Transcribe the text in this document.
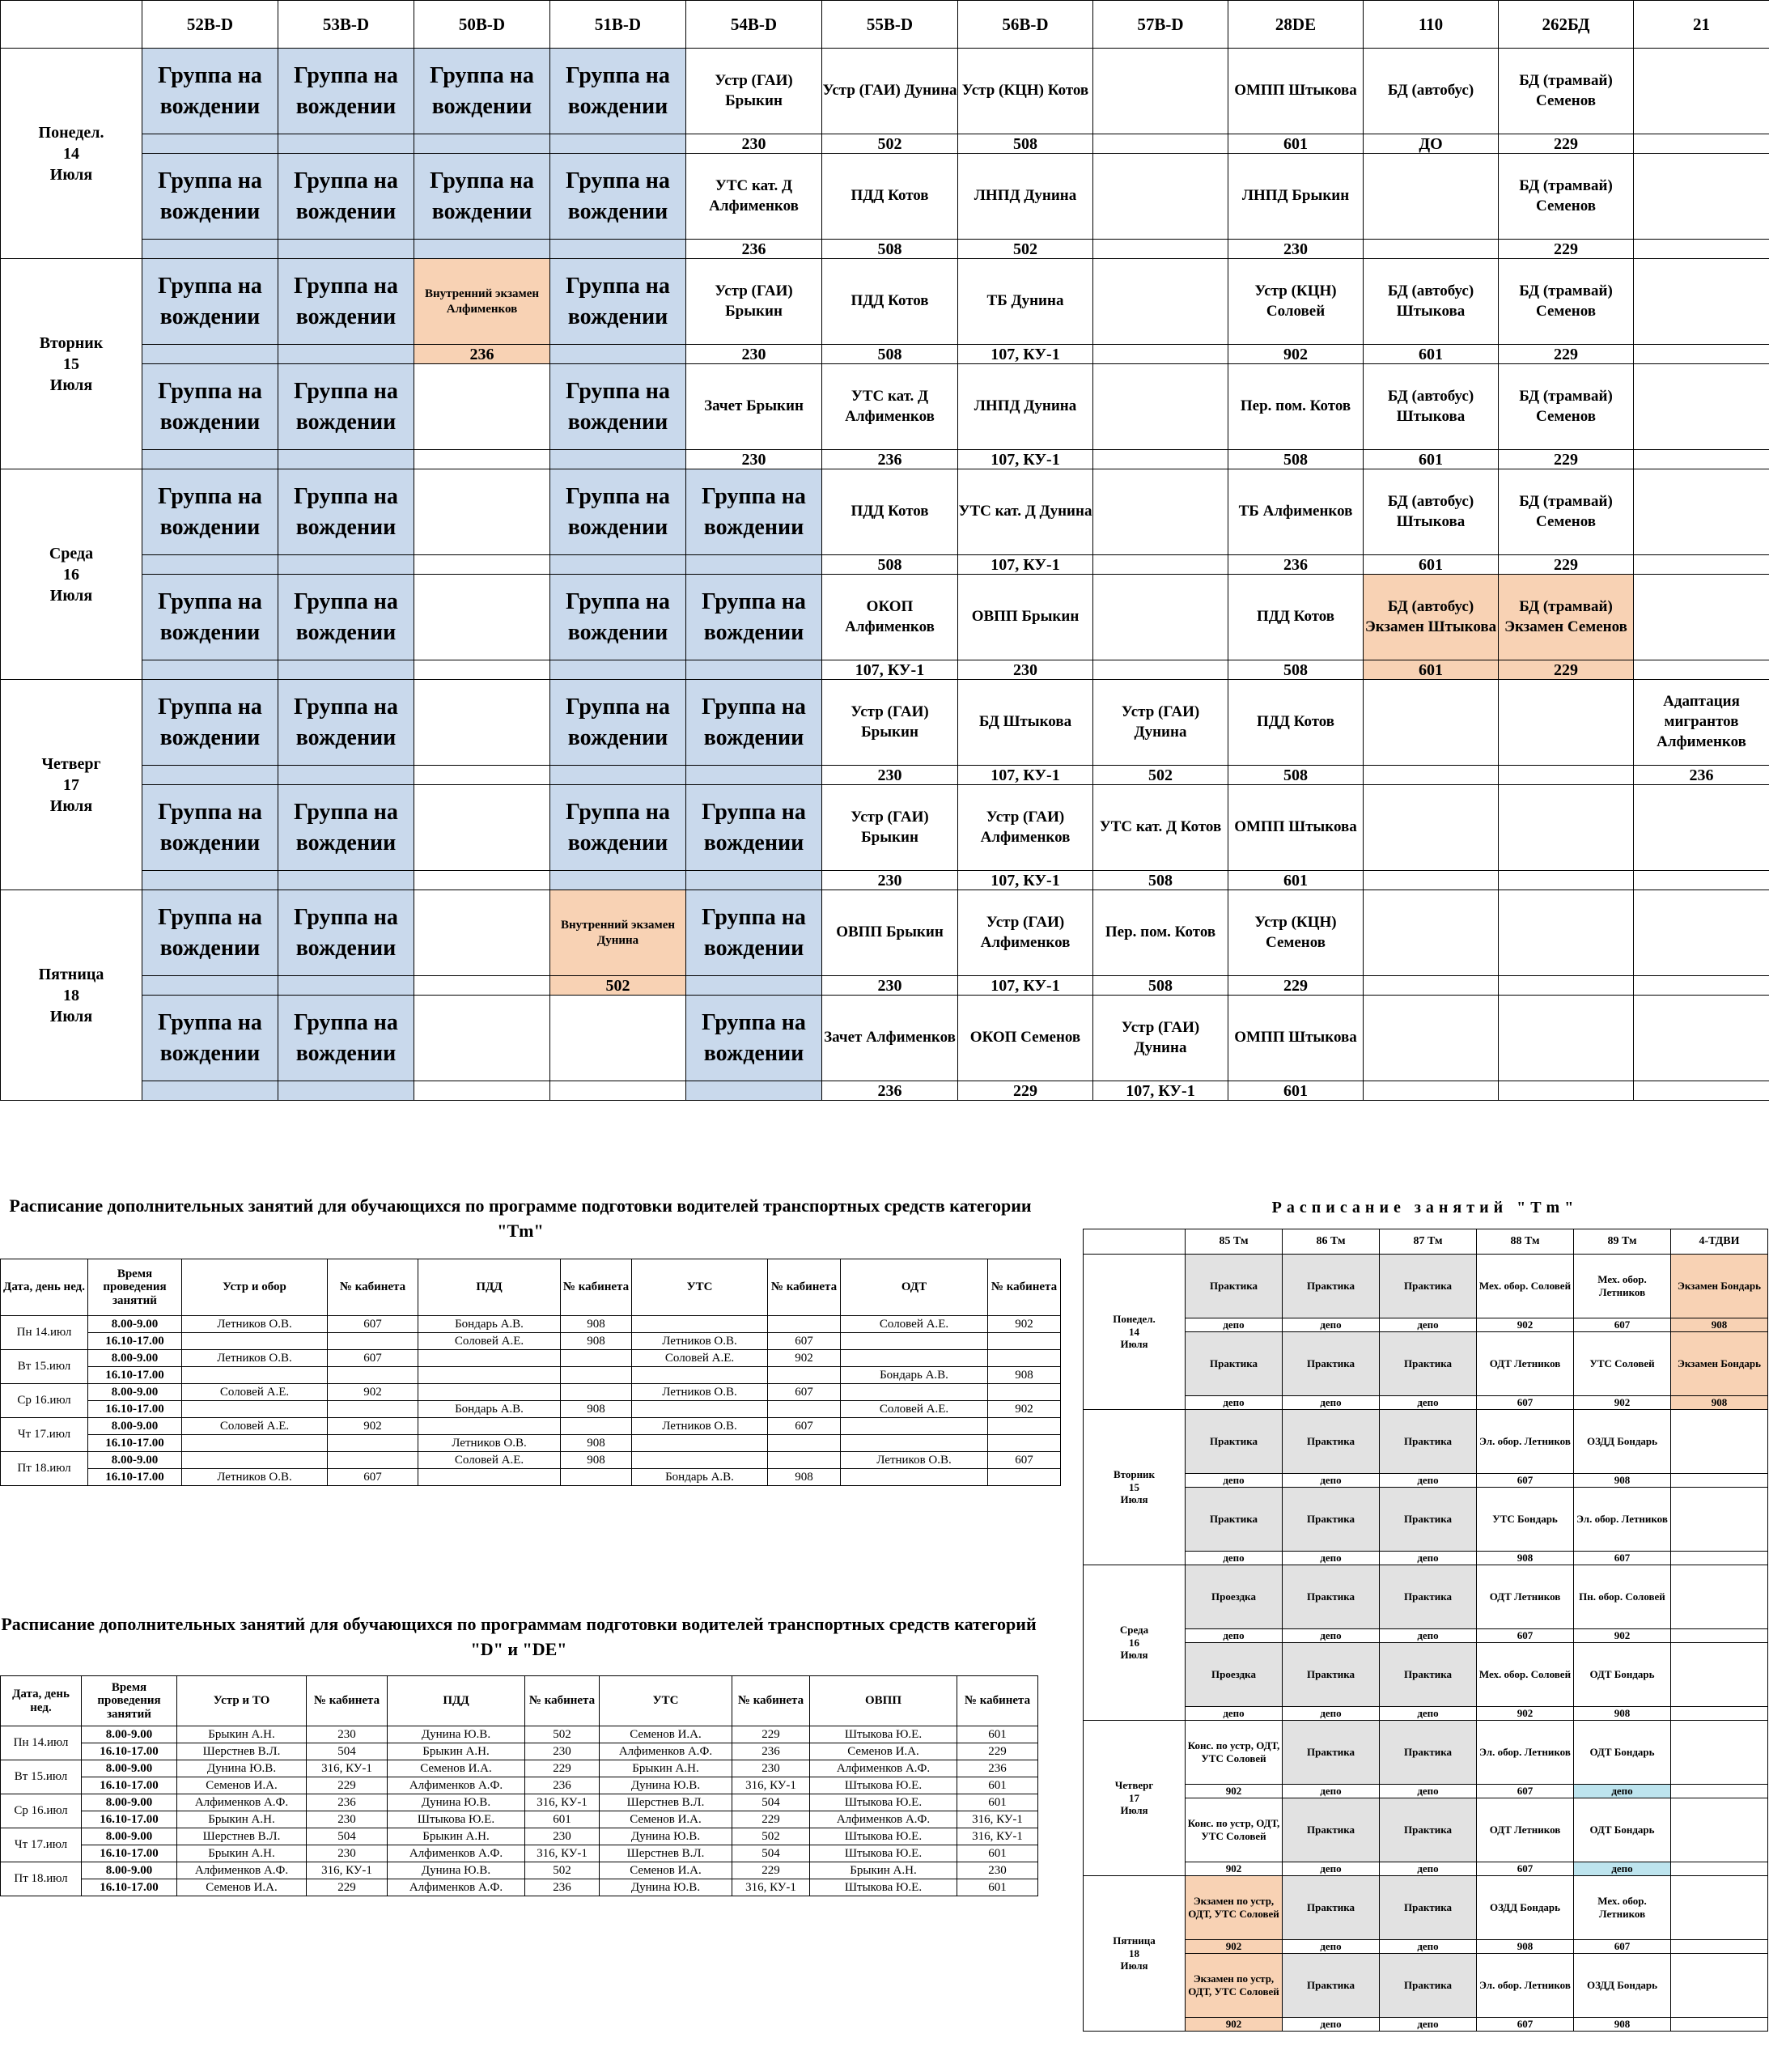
	52B-D	53B-D	50B-D	51B-D	54B-D	55B-D	56B-D	57B-D	28DE	110	262БД	21

Понедел.
14
Июля	Группа на вождении	Группа на вождении	Группа на вождении	Группа на вождении	Устр (ГАИ) Брыкин	Устр (ГАИ) Дунина	Устр (КЦН) Котов		ОМПП Штыкова	БД (автобус)	БД (трамвай) Семенов	
					230	502	508		601	ДО	229	
	Группа на вождении	Группа на вождении	Группа на вождении	Группа на вождении	УТС кат. Д Алфименков	ПДД Котов	ЛНПД Дунина		ЛНПД Брыкин		БД (трамвай) Семенов	
					236	508	502		230		229	

Вторник
15
Июля	Группа на вождении	Группа на вождении	Внутренний экзамен Алфименков	Группа на вождении	Устр (ГАИ) Брыкин	ПДД Котов	ТБ Дунина		Устр (КЦН) Соловей	БД (автобус) Штыкова	БД (трамвай) Семенов	
			236		230	508	107, КУ-1		902	601	229	
	Группа на вождении	Группа на вождении		Группа на вождении	Зачет Брыкин	УТС кат. Д Алфименков	ЛНПД Дунина		Пер. пом. Котов	БД (автобус) Штыкова	БД (трамвай) Семенов	
					230	236	107, КУ-1		508	601	229	

Среда
16
Июля	Группа на вождении	Группа на вождении		Группа на вождении	Группа на вождении	ПДД Котов	УТС кат. Д Дунина		ТБ Алфименков	БД (автобус) Штыкова	БД (трамвай) Семенов	
						508	107, КУ-1		236	601	229	
	Группа на вождении	Группа на вождении		Группа на вождении	Группа на вождении	ОКОП Алфименков	ОВПП Брыкин		ПДД Котов	БД (автобус) Экзамен Штыкова	БД (трамвай) Экзамен Семенов	
						107, КУ-1	230		508	601	229	

Четверг
17
Июля	Группа на вождении	Группа на вождении		Группа на вождении	Группа на вождении	Устр (ГАИ) Брыкин	БД Штыкова	Устр (ГАИ) Дунина	ПДД Котов			Адаптация мигрантов Алфименков
						230	107, КУ-1	502	508			236
	Группа на вождении	Группа на вождении		Группа на вождении	Группа на вождении	Устр (ГАИ) Брыкин	Устр (ГАИ) Алфименков	УТС кат. Д Котов	ОМПП Штыкова			
						230	107, КУ-1	508	601			

Пятница
18
Июля	Группа на вождении	Группа на вождении		Внутренний экзамен Дунина	Группа на вождении	ОВПП Брыкин	Устр (ГАИ) Алфименков	Пер. пом. Котов	Устр (КЦН) Семенов			
				502		230	107, КУ-1	508	229			
	Группа на вождении	Группа на вождении			Группа на вождении	Зачет Алфименков	ОКОП Семенов	Устр (ГАИ) Дунина	ОМПП Штыкова			
						236	229	107, КУ-1	601			
Расписание дополнительных занятий для обучающихся по программе подготовки водителей транспортных средств категории "Tm"
Дата, день нед.	Время проведения занятий	Устр и обор	№ кабинета	ПДД	№ кабинета	УТС	№ кабинета	ОДТ	№ кабинета
Пн 14.июл	8.00-9.00	Летников О.В.	607	Бондарь А.В.	908			Соловей А.Е.	902
	16.10-17.00			Соловей А.Е.	908	Летников О.В.	607		
Вт 15.июл	8.00-9.00	Летников О.В.	607			Соловей А.Е.	902		
	16.10-17.00							Бондарь А.В.	908
Ср 16.июл	8.00-9.00	Соловей А.Е.	902			Летников О.В.	607		
	16.10-17.00			Бондарь А.В.	908			Соловей А.Е.	902
Чт 17.июл	8.00-9.00	Соловей А.Е.	902			Летников О.В.	607		
	16.10-17.00			Летников О.В.	908				
Пт 18.июл	8.00-9.00			Соловей А.Е.	908			Летников О.В.	607
	16.10-17.00	Летников О.В.	607			Бондарь А.В.	908		
Расписание дополнительных занятий для обучающихся по программам подготовки водителей транспортных средств категорий "D" и "DE"
Дата, день нед.	Время проведения занятий	Устр и ТО	№ кабинета	ПДД	№ кабинета	УТС	№ кабинета	ОВПП	№ кабинета
Пн 14.июл	8.00-9.00	Брыкин А.Н.	230	Дунина Ю.В.	502	Семенов И.А.	229	Штыкова Ю.Е.	601
	16.10-17.00	Шерстнев В.Л.	504	Брыкин А.Н.	230	Алфименков А.Ф.	236	Семенов И.А.	229
Вт 15.июл	8.00-9.00	Дунина Ю.В.	316, КУ-1	Семенов И.А.	229	Брыкин А.Н.	230	Алфименков А.Ф.	236
	16.10-17.00	Семенов И.А.	229	Алфименков А.Ф.	236	Дунина Ю.В.	316, КУ-1	Штыкова Ю.Е.	601
Ср 16.июл	8.00-9.00	Алфименков А.Ф.	236	Дунина Ю.В.	316, КУ-1	Шерстнев В.Л.	504	Штыкова Ю.Е.	601
	16.10-17.00	Брыкин А.Н.	230	Штыкова Ю.Е.	601	Семенов И.А.	229	Алфименков А.Ф.	316, КУ-1
Чт 17.июл	8.00-9.00	Шерстнев В.Л.	504	Брыкин А.Н.	230	Дунина Ю.В.	502	Штыкова Ю.Е.	316, КУ-1
	16.10-17.00	Брыкин А.Н.	230	Алфименков А.Ф.	316, КУ-1	Шерстнев В.Л.	504	Штыкова Ю.Е.	601
Пт 18.июл	8.00-9.00	Алфименков А.Ф.	316, КУ-1	Дунина Ю.В.	502	Семенов И.А.	229	Брыкин А.Н.	230
	16.10-17.00	Семенов И.А.	229	Алфименков А.Ф.	236	Дунина Ю.В.	316, КУ-1	Штыкова Ю.Е.	601
Расписание занятий "Tm"
	85 Тм	86 Тм	87 Тм	88 Тм	89 Тм	4-ТДВИ

Понедел.
14
Июля	Практика	Практика	Практика	Мех. обор. Соловей	Мех. обор. Летников	Экзамен Бондарь
	депо	депо	депо	902	607	908
	Практика	Практика	Практика	ОДТ Летников	УТС Соловей	Экзамен Бондарь
	депо	депо	депо	607	902	908

Вторник
15
Июля	Практика	Практика	Практика	Эл. обор. Летников	ОЗДД Бондарь	
	депо	депо	депо	607	908	
	Практика	Практика	Практика	УТС Бондарь	Эл. обор. Летников	
	депо	депо	депо	908	607	

Среда
16
Июля	Проездка	Практика	Практика	ОДТ Летников	Пн. обор. Соловей	
	депо	депо	депо	607	902	
	Проездка	Практика	Практика	Мех. обор. Соловей	ОДТ Бондарь	
	депо	депо	депо	902	908	

Четверг
17
Июля	Конс. по устр, ОДТ, УТС Соловей	Практика	Практика	Эл. обор. Летников	ОДТ Бондарь	
	902	депо	депо	607	депо	
	Конс. по устр, ОДТ, УТС Соловей	Практика	Практика	ОДТ Летников	ОДТ Бондарь	
	902	депо	депо	607	депо	

Пятница
18
Июля	Экзамен по устр, ОДТ, УТС Соловей	Практика	Практика	ОЗДД Бондарь	Мех. обор. Летников	
	902	депо	депо	908	607	
	Экзамен по устр, ОДТ, УТС Соловей	Практика	Практика	Эл. обор. Летников	ОЗДД Бондарь	
	902	депо	депо	607	908	
